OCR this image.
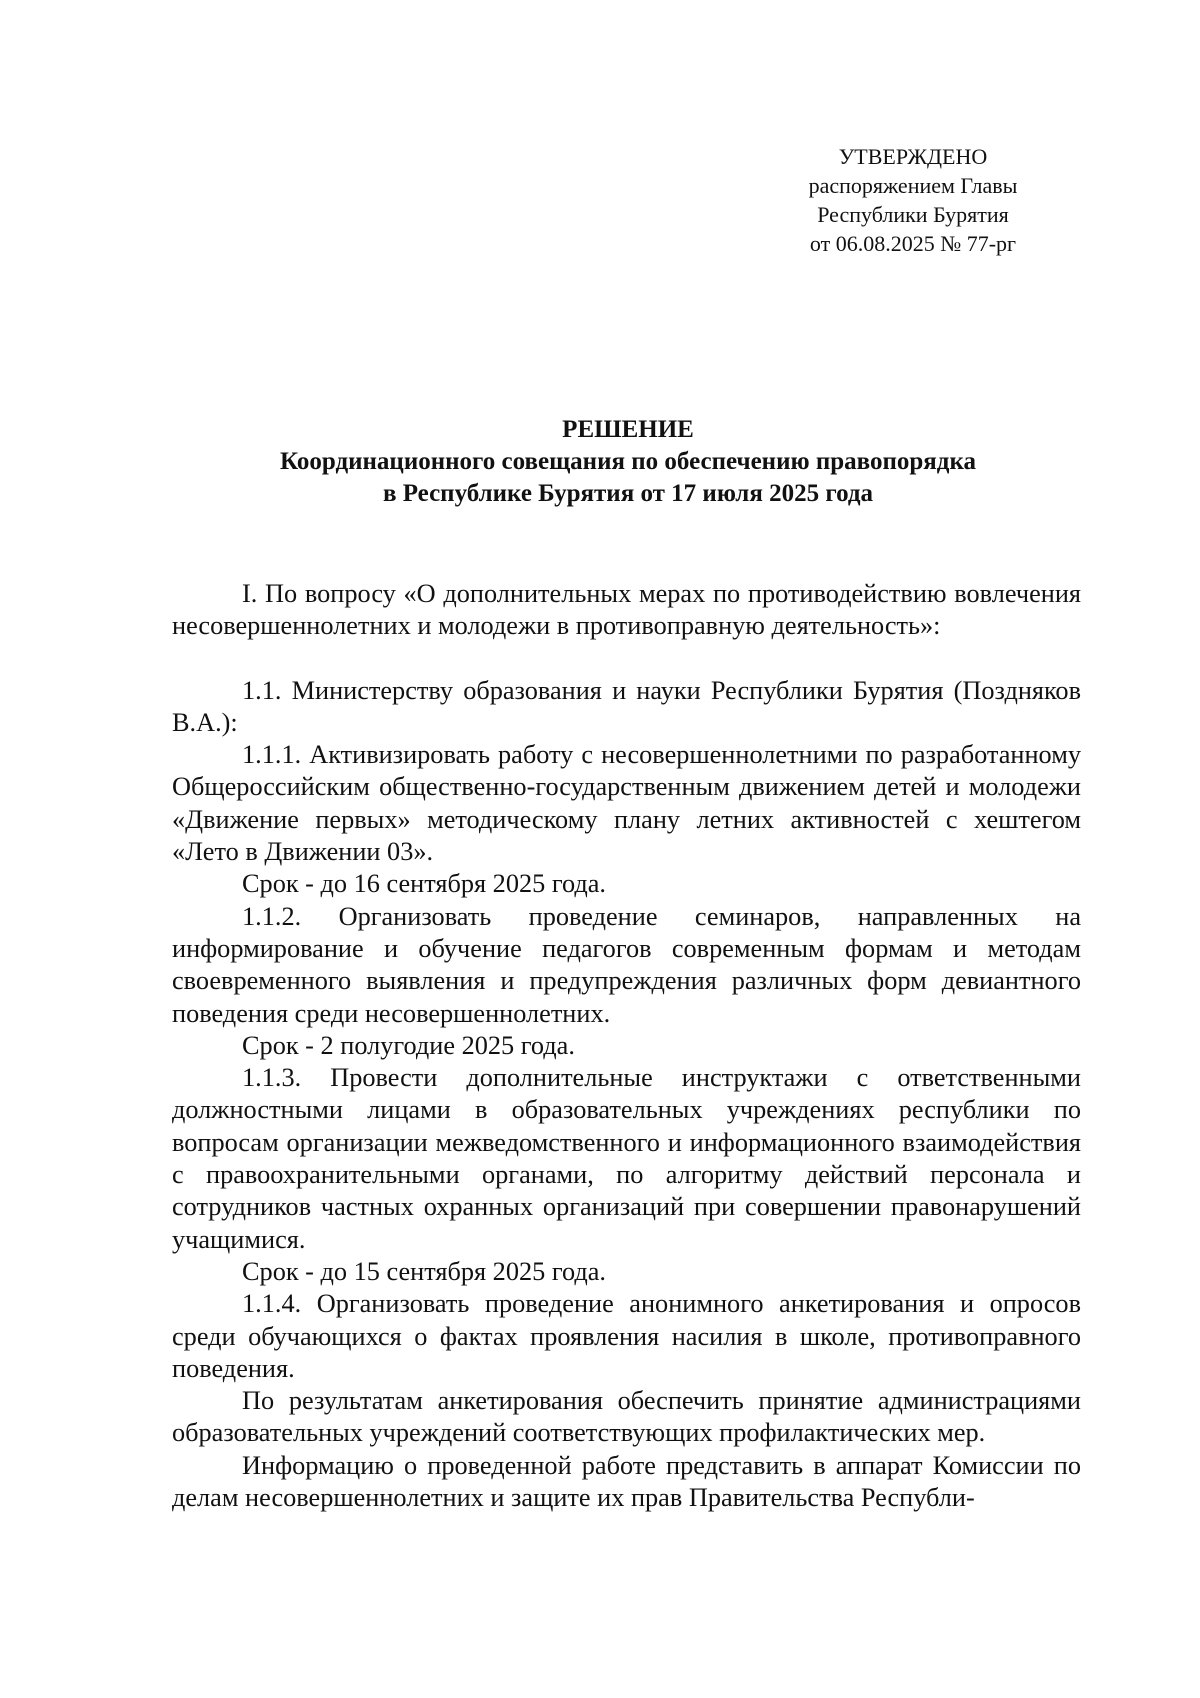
УТВЕРЖДЕНО
распоряжением Главы
Республики Бурятия
от 06.08.2025 № 77-рг
РЕШЕНИЕ
Координационного совещания по обеспечению правопорядка
в Республике Бурятия от 17 июля 2025 года

I. По вопросу «О дополнительных мерах по противодействию вовлечения несовершеннолетних и молодежи в противоправную деятельность»:

1.1. Министерству образования и науки Республики Бурятия (Поздняков В.А.):

1.1.1. Активизировать работу с несовершеннолетними по разработанному Общероссийским общественно-государственным движением детей и молодежи «Движение первых» методическому плану летних активностей с хештегом «Лето в Движении 03».

Срок - до 16 сентября 2025 года.

1.1.2. Организовать проведение семинаров, направленных на информирование и обучение педагогов современным формам и методам своевременного выявления и предупреждения различных форм девиантного поведения среди несовершеннолетних.

Срок - 2 полугодие 2025 года.

1.1.3. Провести дополнительные инструктажи с ответственными должностными лицами в образовательных учреждениях республики по вопросам организации межведомственного и информационного взаимодействия с правоохранительными органами, по алгоритму действий персонала и сотрудников частных охранных организаций при совершении правонарушений учащимися.

Срок - до 15 сентября 2025 года.

1.1.4. Организовать проведение анонимного анкетирования и опросов среди обучающихся о фактах проявления насилия в школе, противоправного поведения.

По результатам анкетирования обеспечить принятие администрациями образовательных учреждений соответствующих профилактических мер.

Информацию о проведенной работе представить в аппарат Комиссии по делам несовершеннолетних и защите их прав Правительства Республи-
